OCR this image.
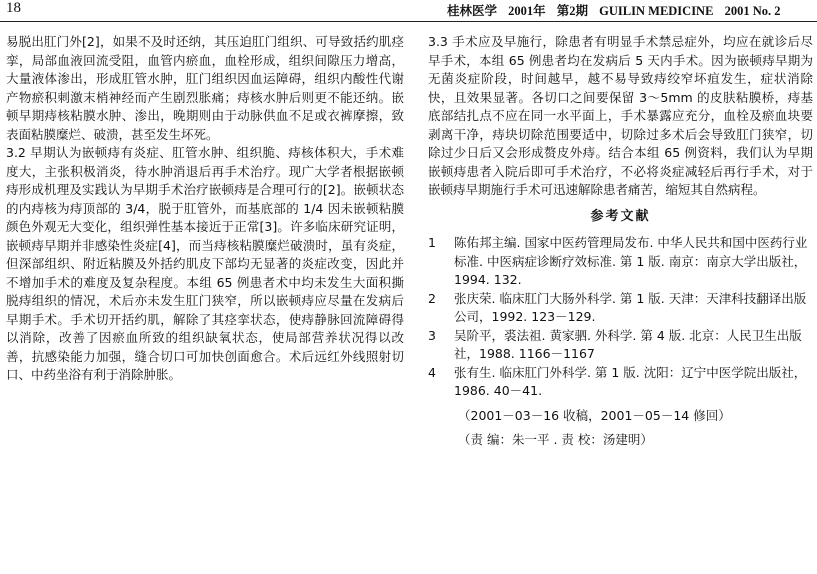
18	桂林医学 2001年 第2期 GUILIN MEDICINE 2001 No. 2

易脱出肛门外[2]，如果不及时还纳，其压迫肛门组织、可导致括约肌痉挛，局部血液回流受阻，血管内瘀血，血栓形成，组织间隙压力增高，大量液体渗出，形成肛管水肿，肛门组织因血运障碍，组织内酸性代谢产物瘀积刺激末梢神经而产生剧烈胀痛；痔核水肿后则更不能还纳。嵌顿早期痔核粘膜水肿、渗出，晚期则由于动脉供血不足或衣裤摩擦，致表面粘膜糜烂、破溃，甚至发生坏死。

3.2 早期认为嵌顿痔有炎症、肛管水肿、组织脆、痔核体积大，手术难度大，主张积极消炎，待水肿消退后再手术治疗。现广大学者根据嵌顿痔形成机理及实践认为早期手术治疗嵌顿痔是合理可行的[2]。嵌顿状态的内痔核为痔顶部的 3/4，脱于肛管外，而基底部的 1/4 因未嵌顿粘膜颜色外观无大变化，组织弹性基本接近于正常[3]。许多临床研究证明，嵌顿痔早期并非感染性炎症[4]，而当痔核粘膜糜烂破溃时，虽有炎症，但深部组织、附近粘膜及外括约肌皮下部均无显著的炎症改变，因此并不增加手术的难度及复杂程度。本组 65 例患者术中均未发生大面积撕脱痔组织的情况，术后亦未发生肛门狭窄，所以嵌顿痔应尽量在发病后早期手术。手术切开括约肌，解除了其痉挛状态，使痔静脉回流障碍得以消除，改善了因瘀血所致的组织缺氧状态，使局部营养状况得以改善，抗感染能力加强，缝合切口可加快创面愈合。术后远红外线照射切口、中药坐浴有利于消除肿胀。

3.3 手术应及早施行，除患者有明显手术禁忌症外，均应在就诊后尽早手术，本组 65 例患者均在发病后 5 天内手术。因为嵌顿痔早期为无菌炎症阶段，时间越早，越不易导致痔绞窄坏疽发生，症状消除快，且效果显著。各切口之间要保留 3～5mm 的皮肤粘膜桥，痔基底部结扎点不应在同一水平面上，手术暴露应充分，血栓及瘀血块要剥离干净，痔块切除范围要适中，切除过多术后会导致肛门狭窄，切除过少日后又会形成赘皮外痔。结合本组 65 例资料，我们认为早期嵌顿痔患者入院后即可手术治疗，不必将炎症减轻后再行手术，对于嵌顿痔早期施行手术可迅速解除患者痛苦，缩短其自然病程。

参考文献
1	陈佑邦主编. 国家中医药管理局发布. 中华人民共和国中医药行业标准. 中医病症诊断疗效标准. 第 1 版. 南京：南京大学出版社，1994. 132.
2	张庆荣. 临床肛门大肠外科学. 第 1 版. 天津：天津科技翻译出版公司，1992. 123－129.
3	吴阶平，裘法祖. 黄家驷. 外科学. 第 4 版. 北京：人民卫生出版社，1988. 1166－1167
4	张有生. 临床肛门外科学. 第 1 版. 沈阳：辽宁中医学院出版社，1986. 40－41.
（2001－03－16 收稿，2001－05－14 修回）
（责 编：朱一平 . 责 校：汤建明）
